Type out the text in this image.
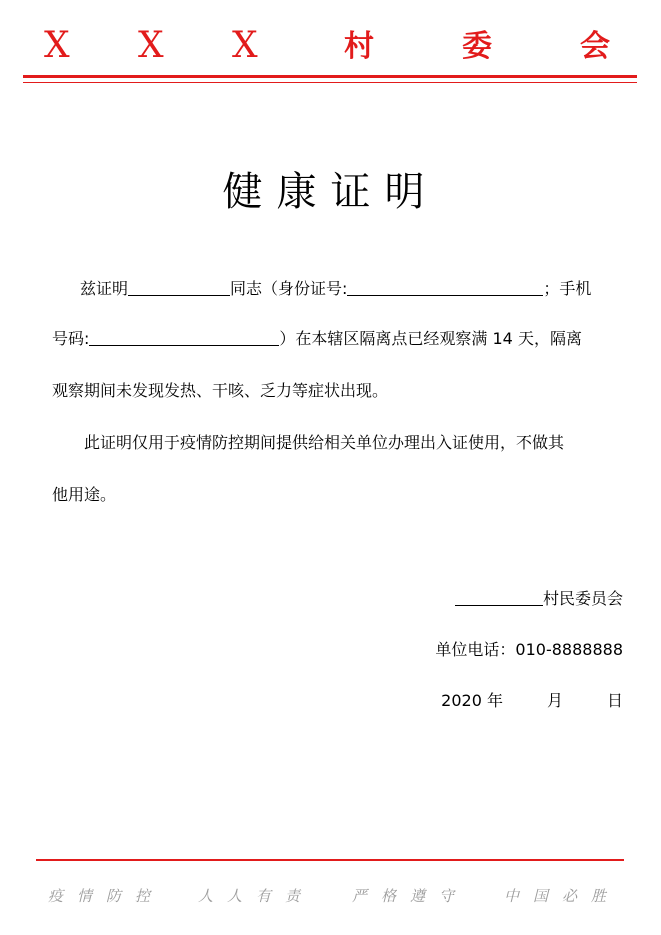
X X X	村	委	会
健康证明
兹证明	同志（身份证号:	；手机
号码:	）在本辖区隔离点已经观察满 14 天，隔离
观察期间未发现发热、干咳、乏力等症状出现。
此证明仅用于疫情防控期间提供给相关单位办理出入证使用，不做其
他用途。
村民委员会
单位电话：010-8888888
2020 年	月	日
疫情防控 人人有责	严格遵守 中国必胜
